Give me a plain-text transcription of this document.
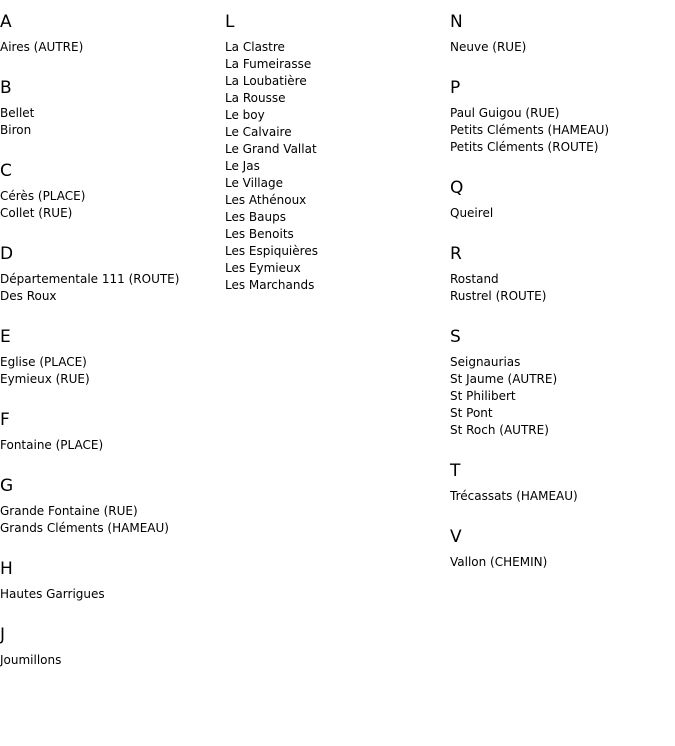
A
Aires (AUTRE)
B
Bellet
Biron
C
Cérès (PLACE)
Collet (RUE)
D
Départementale 111 (ROUTE)
Des Roux
E
Eglise (PLACE)
Eymieux (RUE)
F
Fontaine (PLACE)
G
Grande Fontaine (RUE)
Grands Cléments (HAMEAU)
H
Hautes Garrigues
J
Joumillons
L
La Clastre
La Fumeirasse
La Loubatière
La Rousse
Le boy
Le Calvaire
Le Grand Vallat
Le Jas
Le Village
Les Athénoux
Les Baups
Les Benoits
Les Espiquières
Les Eymieux
Les Marchands
N
Neuve (RUE)
P
Paul Guigou (RUE)
Petits Cléments (HAMEAU)
Petits Cléments (ROUTE)
Q
Queirel
R
Rostand
Rustrel (ROUTE)
S
Seignaurias
St Jaume (AUTRE)
St Philibert
St Pont
St Roch (AUTRE)
T
Trécassats (HAMEAU)
V
Vallon (CHEMIN)
